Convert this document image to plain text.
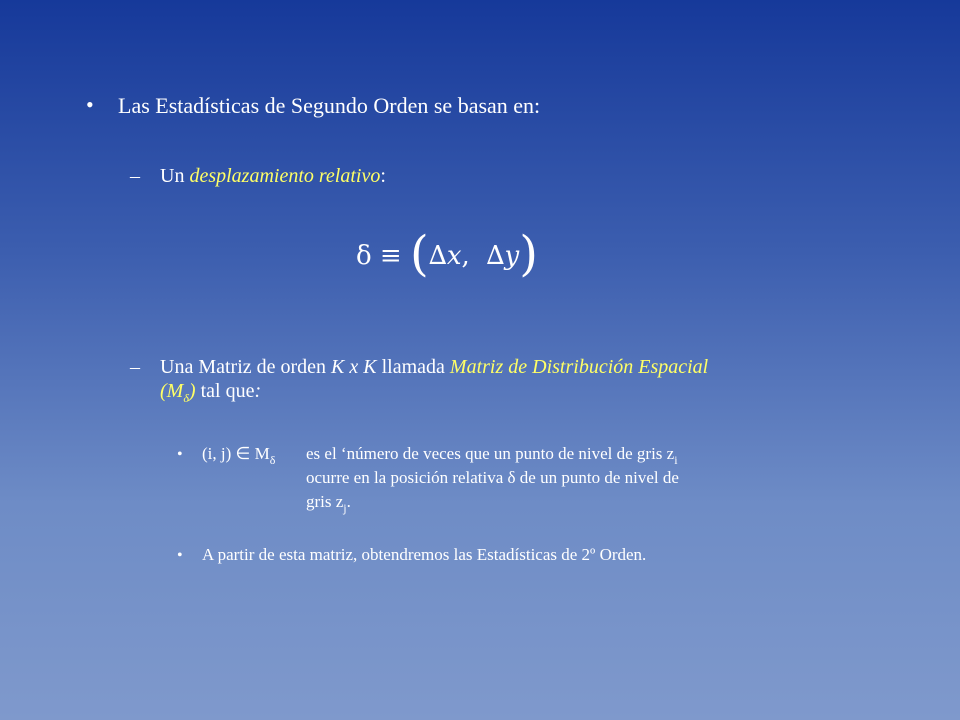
• Las Estadísticas de Segundo Orden se basan en:
– Un desplazamiento relativo:
δ ≡ (∆x, ∆y)
– Una Matriz de orden K x K llamada Matriz de Distribución Espacial
$(M_\delta)$ tal que:
• (i, j) ∈ $M_\delta$ es el ‘número de veces que un punto de nivel de gris $z_i$
ocurre en la posición relativa δ de un punto de nivel de
gris $z_j$.
• A partir de esta matriz, obtendremos las Estadísticas de 2º Orden.
